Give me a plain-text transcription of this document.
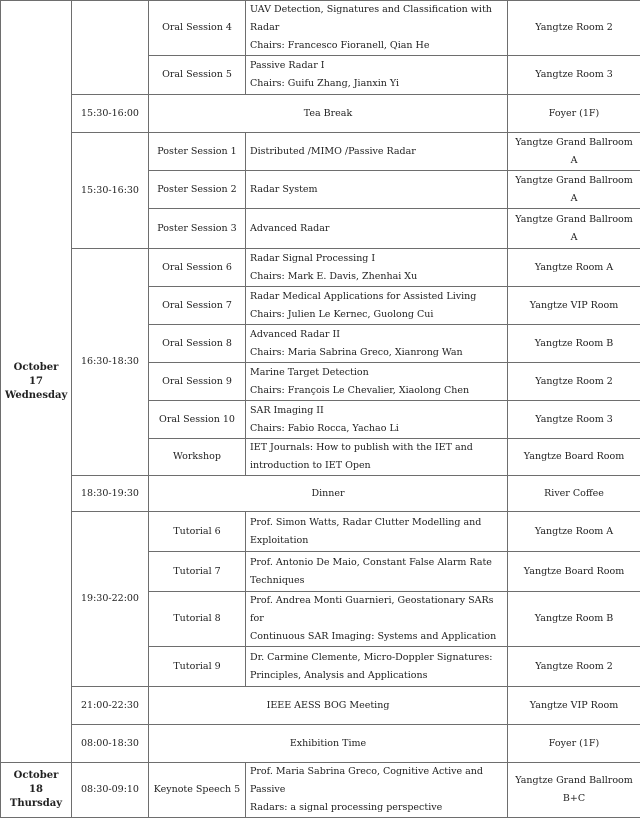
October 17
Wednesday		Oral Session 4	UAV Detection, Signatures and Classification with Radar
Chairs: Francesco Fioranell, Qian He	Yangtze Room 2
		Oral Session 5	Passive Radar I
Chairs: Guifu Zhang, Jianxin Yi	Yangtze Room 3
	15:30-16:00	Tea Break		Foyer (1F)
	15:30-16:30	Poster Session 1	Distributed /MIMO /Passive Radar	Yangtze Grand Ballroom A
		Poster Session 2	Radar System	Yangtze Grand Ballroom A
		Poster Session 3	Advanced Radar	Yangtze Grand Ballroom A
	16:30-18:30	Oral Session 6	Radar Signal Processing I
Chairs: Mark E. Davis, Zhenhai Xu	Yangtze Room A
		Oral Session 7	Radar Medical Applications for Assisted Living
Chairs: Julien Le Kernec, Guolong Cui	Yangtze VIP Room
		Oral Session 8	Advanced Radar II
Chairs: Maria Sabrina Greco, Xianrong Wan	Yangtze Room B
		Oral Session 9	Marine Target Detection
Chairs: François Le Chevalier, Xiaolong Chen	Yangtze Room 2
		Oral Session 10	SAR Imaging II
Chairs: Fabio Rocca, Yachao Li	Yangtze Room 3
		Workshop	IET Journals: How to publish with the IET and
introduction to IET Open	Yangtze Board Room
	18:30-19:30	Dinner		River Coffee
	19:30-22:00	Tutorial 6	Prof. Simon Watts, Radar Clutter Modelling and
Exploitation	Yangtze Room A
		Tutorial 7	Prof. Antonio De Maio, Constant False Alarm Rate
Techniques	Yangtze Board Room
		Tutorial 8	Prof. Andrea Monti Guarnieri, Geostationary SARs for
Continuous SAR Imaging: Systems and Application	Yangtze Room B
		Tutorial 9	Dr. Carmine Clemente, Micro-Doppler Signatures:
Principles, Analysis and Applications	Yangtze Room 2
	21:00-22:30	IEEE AESS BOG Meeting		Yangtze VIP Room
	08:00-18:30	Exhibition Time		Foyer (1F)

October 18
Thursday	08:30-09:10	Keynote Speech 5	Prof. Maria Sabrina Greco, Cognitive Active and Passive
Radars: a signal processing perspective	Yangtze Grand Ballroom
B+C
